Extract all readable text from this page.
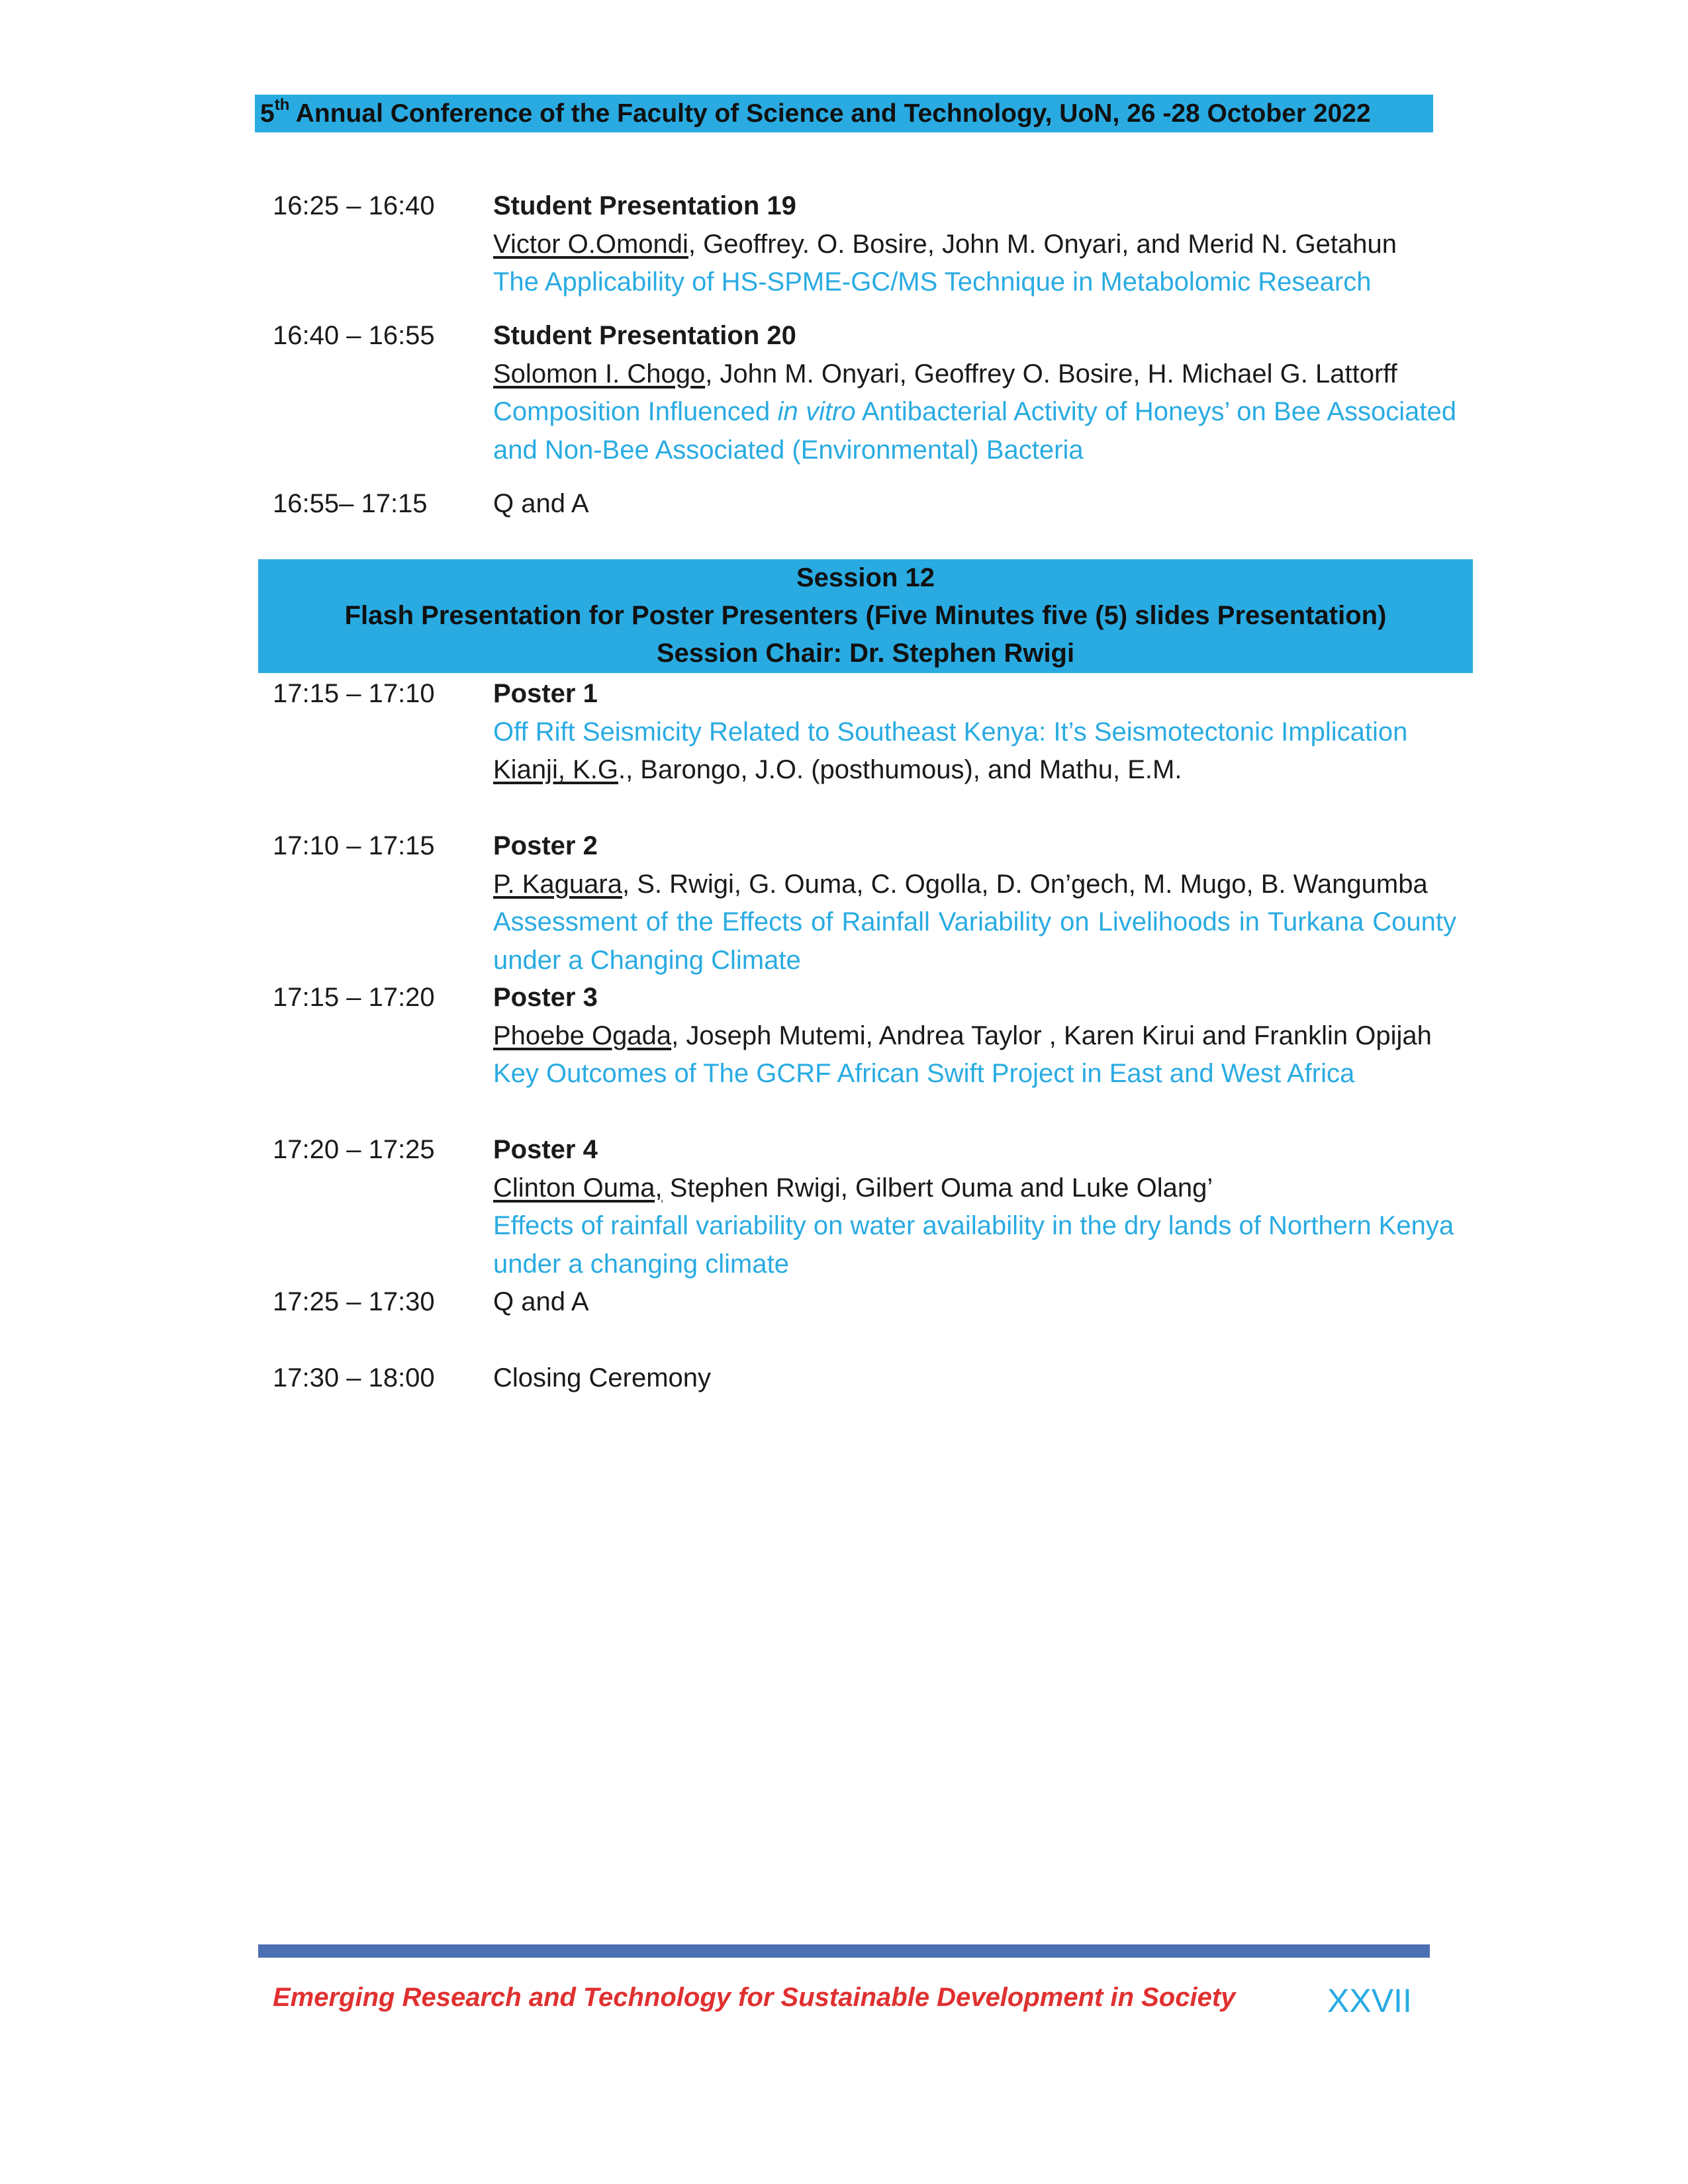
5th Annual Conference of the Faculty of Science and Technology, UoN, 26 -28 October 2022
16:25 – 16:40 Student Presentation 19
Victor O.Omondi, Geoffrey. O. Bosire, John M. Onyari, and Merid N. Getahun
The Applicability of HS-SPME-GC/MS Technique in Metabolomic Research
16:40 – 16:55 Student Presentation 20
Solomon I. Chogo, John M. Onyari, Geoffrey O. Bosire, H. Michael G. Lattorff
Composition Influenced in vitro Antibacterial Activity of Honeys’ on Bee Associated and Non-Bee Associated (Environmental) Bacteria
16:55– 17:15 Q and A
Session 12
Flash Presentation for Poster Presenters (Five Minutes five (5) slides Presentation)
Session Chair: Dr. Stephen Rwigi
17:15 – 17:10 Poster 1
Off Rift Seismicity Related to Southeast Kenya: It’s Seismotectonic Implication
Kianji, K.G., Barongo, J.O. (posthumous), and Mathu, E.M.
17:10 – 17:15 Poster 2
P. Kaguara, S. Rwigi, G. Ouma, C. Ogolla, D. On’gech, M. Mugo, B. Wangumba
Assessment of the Effects of Rainfall Variability on Livelihoods in Turkana County under a Changing Climate
17:15 – 17:20 Poster 3
Phoebe Ogada, Joseph Mutemi, Andrea Taylor , Karen Kirui and Franklin Opijah
Key Outcomes of The GCRF African Swift Project in East and West Africa
17:20 – 17:25 Poster 4
Clinton Ouma, Stephen Rwigi, Gilbert Ouma and Luke Olang’
Effects of rainfall variability on water availability in the dry lands of Northern Kenya under a changing climate
17:25 – 17:30 Q and A
17:30 – 18:00 Closing Ceremony
Emerging Research and Technology for Sustainable Development in Society	XXVII
